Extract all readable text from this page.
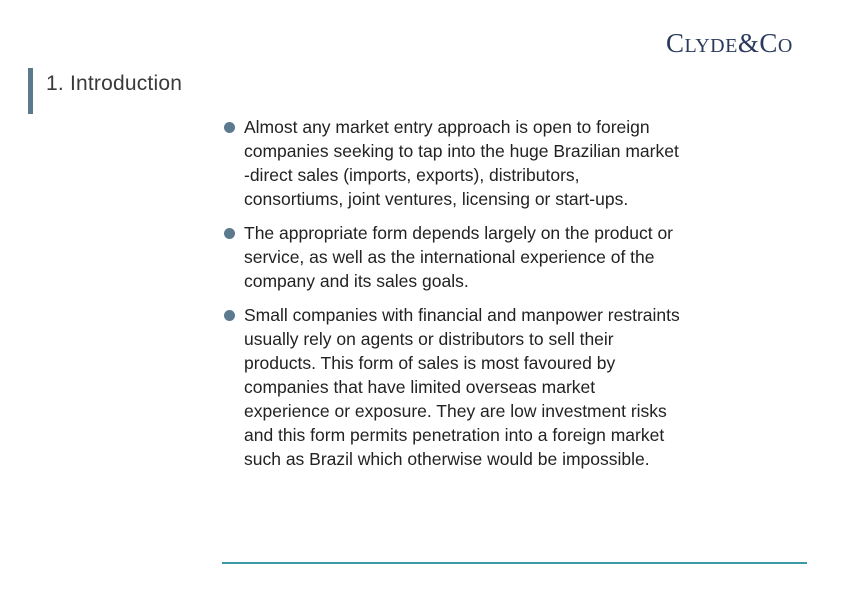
CLYDE&CO
1. Introduction
Almost any market entry approach is open to foreign companies seeking to tap into the huge Brazilian market -direct sales (imports, exports), distributors, consortiums, joint ventures, licensing or start-ups.
The appropriate form depends largely on the product or service, as well as the international experience of the company and its sales goals.
Small companies with financial and manpower restraints usually rely on agents or distributors to sell their products. This form of sales is most favoured by companies that have limited overseas market experience or exposure. They are low investment risks and this form permits penetration into a foreign market such as Brazil which otherwise would be impossible.
